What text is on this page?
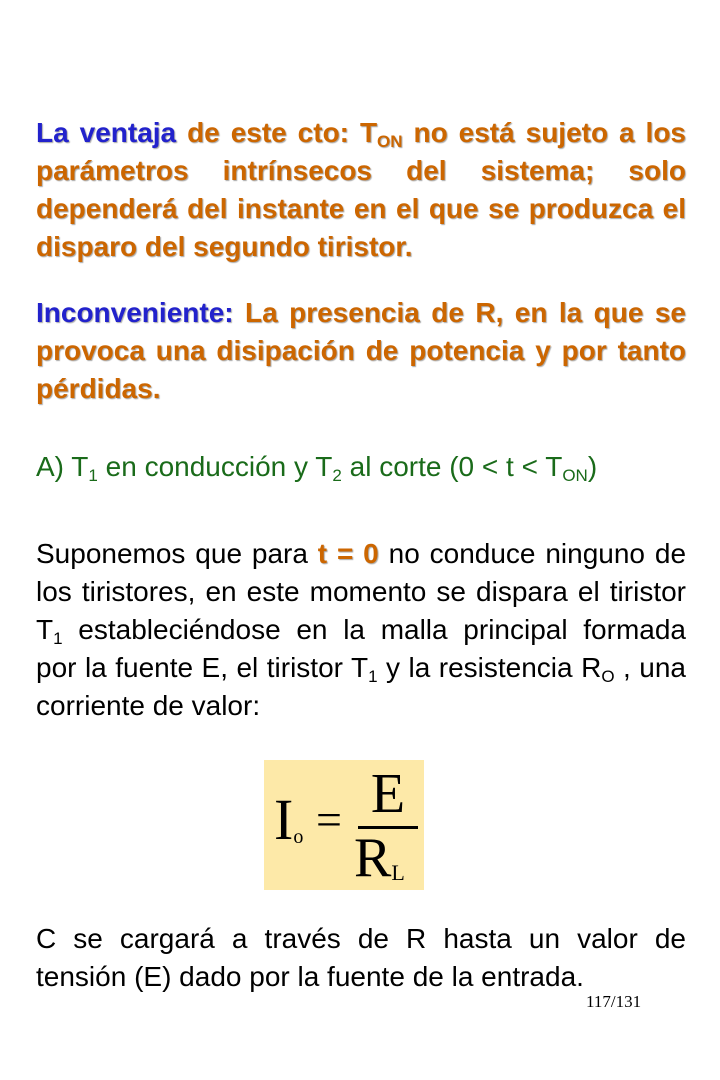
La ventaja de este cto: $T_{ON}$ no está sujeto a los parámetros intrínsecos del sistema; solo dependerá del instante en el que se produzca el disparo del segundo tiristor.
Inconveniente: La presencia de R, en la que se provoca una disipación de potencia y por tanto pérdidas.
A) $T_1$ en conducción y $T_2$ al corte $(0 < t < T_{ON})$
Suponemos que para t = 0 no conduce ninguno de los tiristores, en este momento se dispara el tiristor $T_1$ estableciéndose en la malla principal formada por la fuente E, el tiristor $T_1$ y la resistencia $R_O$ , una corriente de valor:
$I_o = E$
$R_L$
C se cargará a través de R hasta un valor de tensión (E) dado por la fuente de la entrada.
117/131
